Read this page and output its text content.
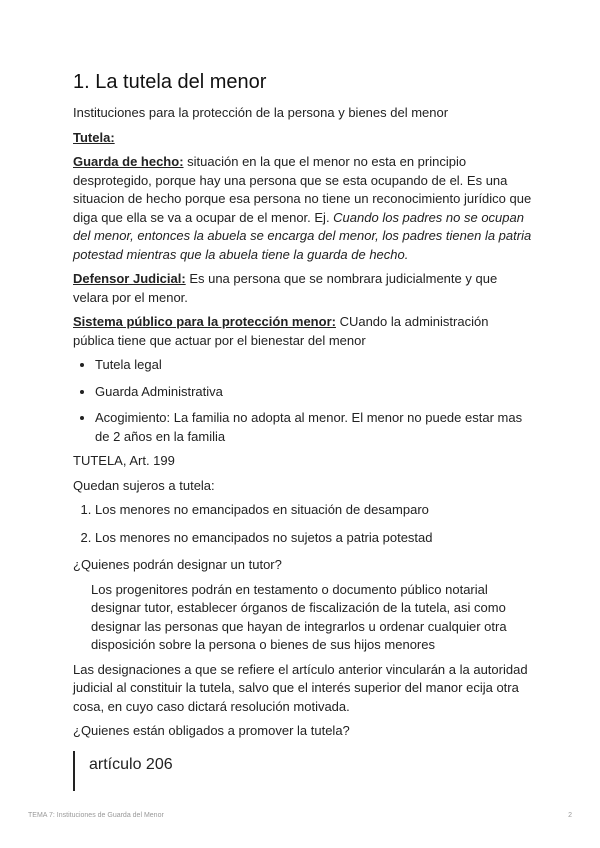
1. La tutela del menor

Instituciones para la protección de la persona y bienes del menor

Tutela:

Guarda de hecho: situación en la que el menor no esta en principio desprotegido, porque hay una persona que se esta ocupando de el. Es una situacion de hecho porque esa persona no tiene un reconocimiento jurídico que diga que ella se va a ocupar de el menor. Ej. Cuando los padres no se ocupan del menor, entonces la abuela se encarga del menor, los padres tienen la patria potestad mientras que la abuela tiene la guarda de hecho.

Defensor Judicial: Es una persona que se nombrara judicialmente y que velara por el menor.

Sistema público para la protección menor: CUando la administración pública tiene que actuar por el bienestar del menor

• Tutela legal
• Guarda Administrativa
• Acogimiento: La familia no adopta al menor. El menor no puede estar mas de 2 años en la familia

TUTELA, Art. 199

Quedan sujeros a tutela:

1. Los menores no emancipados en situación de desamparo
2. Los menores no emancipados no sujetos a patria potestad

¿Quienes podrán designar un tutor?

Los progenitores podrán en testamento o documento público notarial designar tutor, establecer órganos de fiscalización de la tutela, asi como designar las personas que hayan de integrarlos u ordenar cualquier otra disposición sobre la persona o bienes de sus hijos menores

Las designaciones a que se refiere el artículo anterior vincularán a la autoridad judicial al constituir la tutela, salvo que el interés superior del manor ecija otra cosa, en cuyo caso dictará resolución motivada.

¿Quienes están obligados a promover la tutela?

artículo 206
TEMA 7: Instituciones de Guarda del Menor	2
